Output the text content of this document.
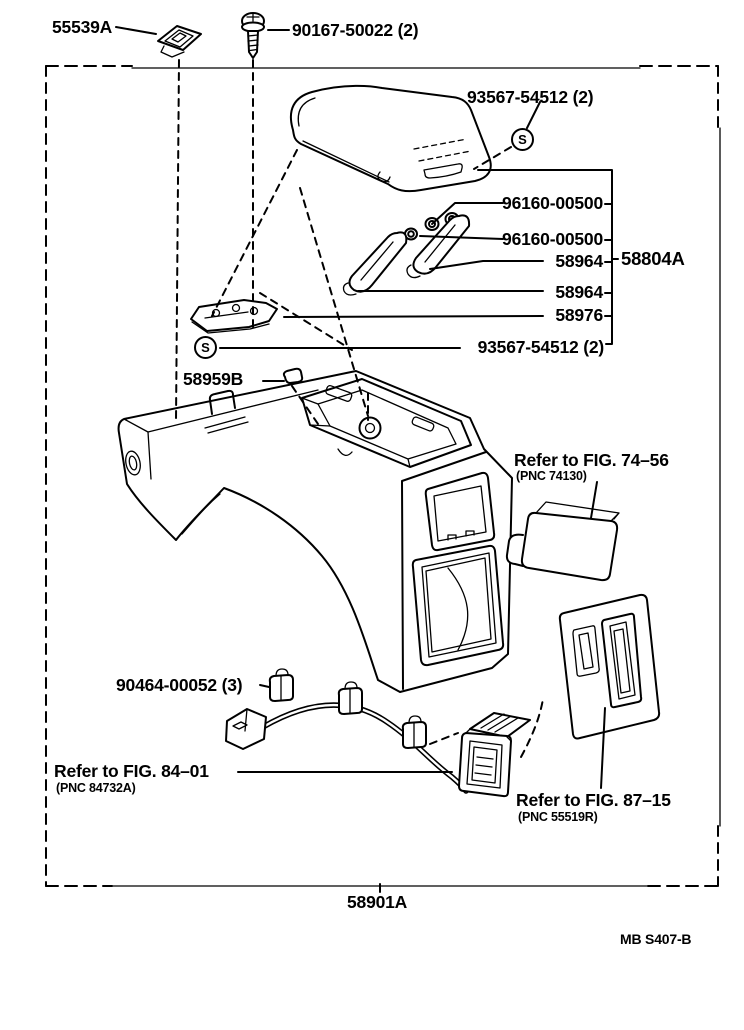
S
S
55539A	90167-50022 (2)
93567-54512 (2)
96160-00500
96160-00500
58964 58804A
58964
58976
93567-54512 (2)
58959B
90464-00052 (3)
58901A
Refer to FIG. 74–56
(PNC 74130)
Refer to FIG. 84–01
(PNC 84732A)
Refer to FIG. 87–15
(PNC 55519R)
MB S407-B
